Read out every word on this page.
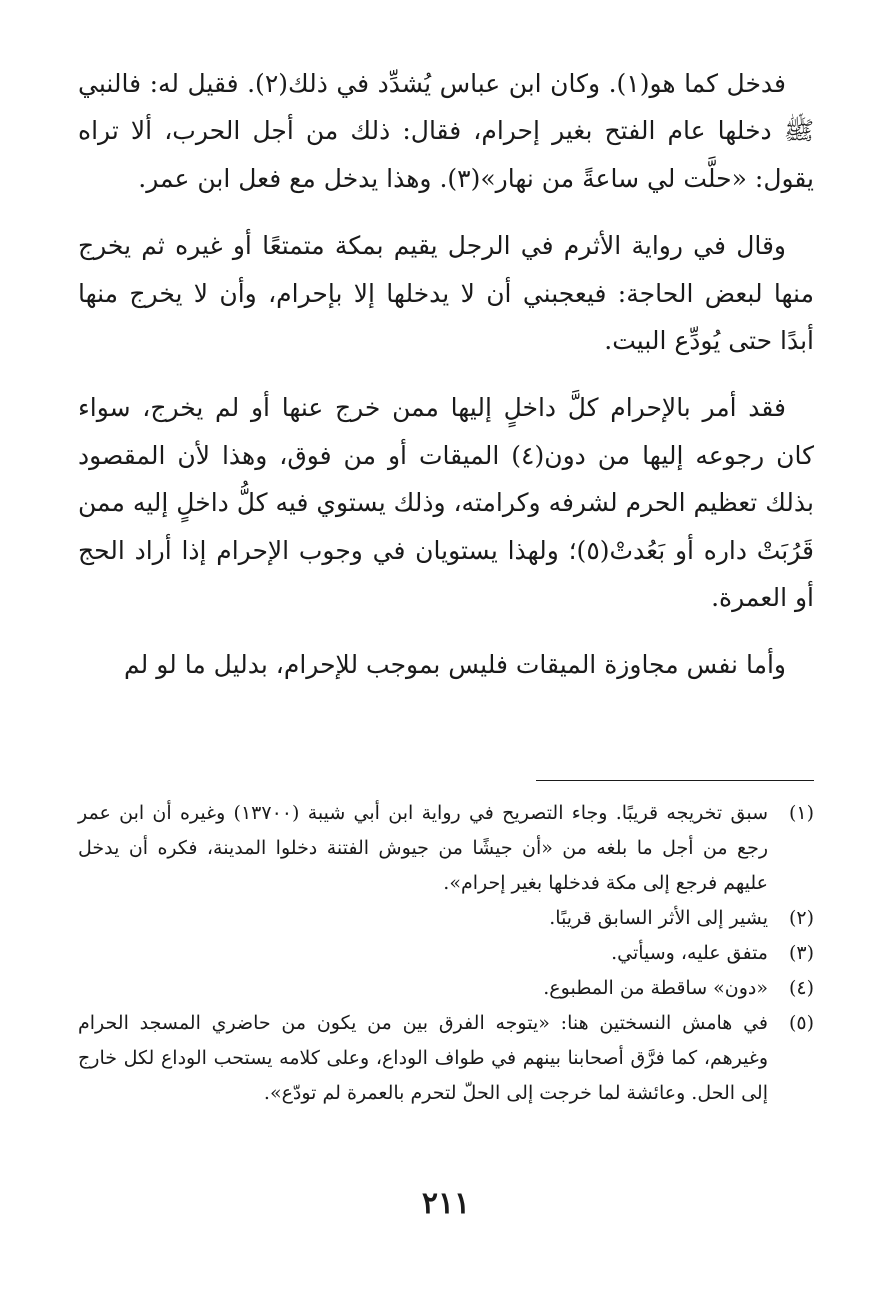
فدخل كما هو(١). وكان ابن عباس يُشدِّد في ذلك(٢). فقيل له: فالنبي ﷺ دخلها عام الفتح بغير إحرام، فقال: ذلك من أجل الحرب، ألا تراه يقول: «حلَّت لي ساعةً من نهار»(٣). وهذا يدخل مع فعل ابن عمر.

وقال في رواية الأثرم في الرجل يقيم بمكة متمتعًا أو غيره ثم يخرج منها لبعض الحاجة: فيعجبني أن لا يدخلها إلا بإحرام، وأن لا يخرج منها أبدًا حتى يُودِّع البيت.

فقد أمر بالإحرام كلَّ داخلٍ إليها ممن خرج عنها أو لم يخرج، سواء كان رجوعه إليها من دون(٤) الميقات أو من فوق، وهذا لأن المقصود بذلك تعظيم الحرم لشرفه وكرامته، وذلك يستوي فيه كلُّ داخلٍ إليه ممن قَرُبَتْ داره أو بَعُدتْ(٥)؛ ولهذا يستويان في وجوب الإحرام إذا أراد الحج أو العمرة.

وأما نفس مجاوزة الميقات فليس بموجب للإحرام، بدليل ما لو لم

(١)
سبق تخريجه قريبًا. وجاء التصريح في رواية ابن أبي شيبة (١٣٧٠٠) وغيره أن ابن عمر رجع من أجل ما بلغه من «أن جيشًا من جيوش الفتنة دخلوا المدينة، فكره أن يدخل عليهم فرجع إلى مكة فدخلها بغير إحرام».
(٢)
يشير إلى الأثر السابق قريبًا.
(٣)
متفق عليه، وسيأتي.
(٤)
«دون» ساقطة من المطبوع.
(٥)
في هامش النسختين هنا: «يتوجه الفرق بين من يكون من حاضري المسجد الحرام وغيرهم، كما فرَّق أصحابنا بينهم في طواف الوداع، وعلى كلامه يستحب الوداع لكل خارج إلى الحل. وعائشة لما خرجت إلى الحلّ لتحرم بالعمرة لم تودّع».
٢١١
